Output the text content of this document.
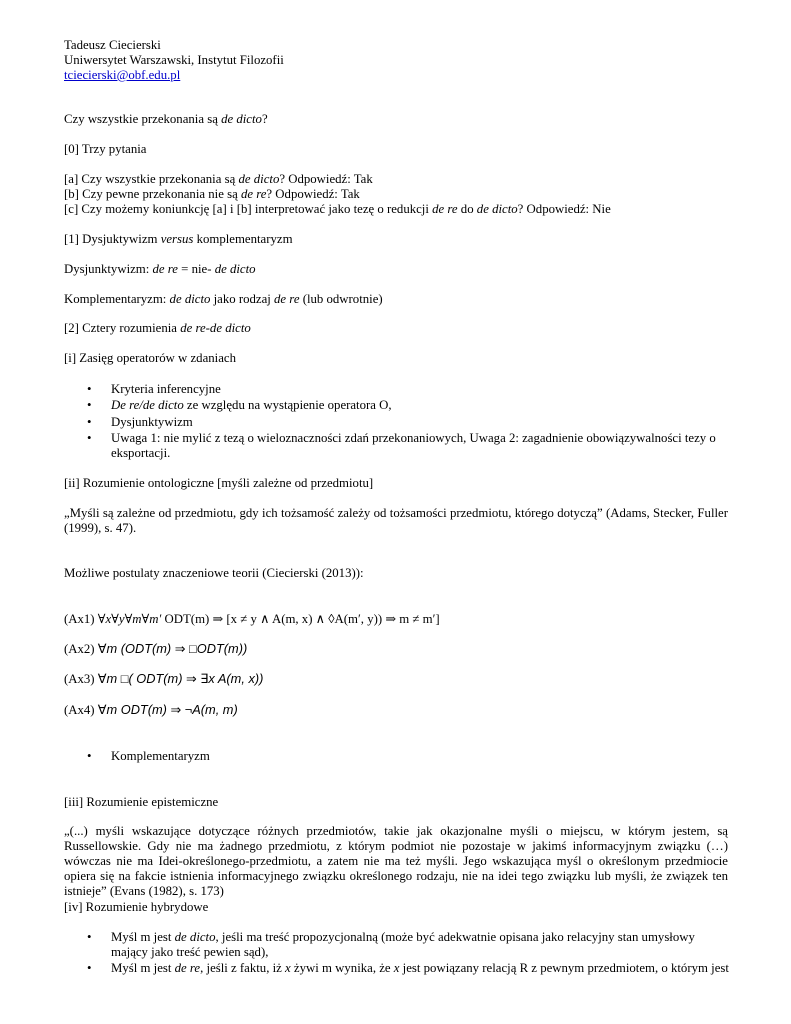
Tadeusz Ciecierski
Uniwersytet Warszawski, Instytut Filozofii
tciecierski@obf.edu.pl
Czy wszystkie przekonania są de dicto?
[0] Trzy pytania
[a] Czy wszystkie przekonania są de dicto? Odpowiedź: Tak
[b] Czy pewne przekonania nie są de re? Odpowiedź: Tak
[c] Czy możemy koniunkcję [a] i [b] interpretować jako tezę o redukcji de re do de dicto? Odpowiedź: Nie
[1] Dysjuktywizm versus komplementaryzm
Dysjunktywizm: de re = nie- de dicto
Komplementaryzm: de dicto jako rodzaj de re (lub odwrotnie)
[2] Cztery rozumienia de re-de dicto
[i] Zasięg operatorów w zdaniach
• Kryteria inferencyjne
• De re/de dicto ze względu na wystąpienie operatora O,
• Dysjunktywizm
• Uwaga 1: nie mylić z tezą o wieloznaczności zdań przekonaniowych, Uwaga 2: zagadnienie obowiązywalności tezy o
eksportacji.
[ii] Rozumienie ontologiczne [myśli zależne od przedmiotu]
„Myśli są zależne od przedmiotu, gdy ich tożsamość zależy od tożsamości przedmiotu, którego dotyczą” (Adams, Stecker, Fuller (1999), s. 47).
Możliwe postulaty znaczeniowe teorii (Ciecierski (2013)):
(Ax1) ∀x∀y∀m∀m′ ODT(m) ⇒ [x ≠ y ∧ A(m, x) ∧ ◊A(m′, y)) ⇒ m ≠ m′]
(Ax2) ∀m (ODT(m) ⇒ □ODT(m))
(Ax3) ∀m □( ODT(m) ⇒ ∃x A(m, x))
(Ax4) ∀m ODT(m) ⇒ ¬A(m, m)
• Komplementaryzm
[iii] Rozumienie epistemiczne
„(...) myśli wskazujące dotyczące różnych przedmiotów, takie jak okazjonalne myśli o miejscu, w którym jestem, są Russellowskie. Gdy nie ma żadnego przedmiotu, z którym podmiot nie pozostaje w jakimś informacyjnym związku (…) wówczas nie ma Idei-określonego-przedmiotu, a zatem nie ma też myśli. Jego wskazująca myśl o określonym przedmiocie opiera się na fakcie istnienia informacyjnego związku określonego rodzaju, nie na idei tego związku lub myśli, że związek ten istnieje” (Evans (1982), s. 173)
[iv] Rozumienie hybrydowe
• Myśl m jest de dicto, jeśli ma treść propozycjonalną (może być adekwatnie opisana jako relacyjny stan umysłowy mający jako treść pewien sąd),
• Myśl m jest de re, jeśli z faktu, iż x żywi m wynika, że x jest powiązany relacją R z pewnym przedmiotem, o którym jest
